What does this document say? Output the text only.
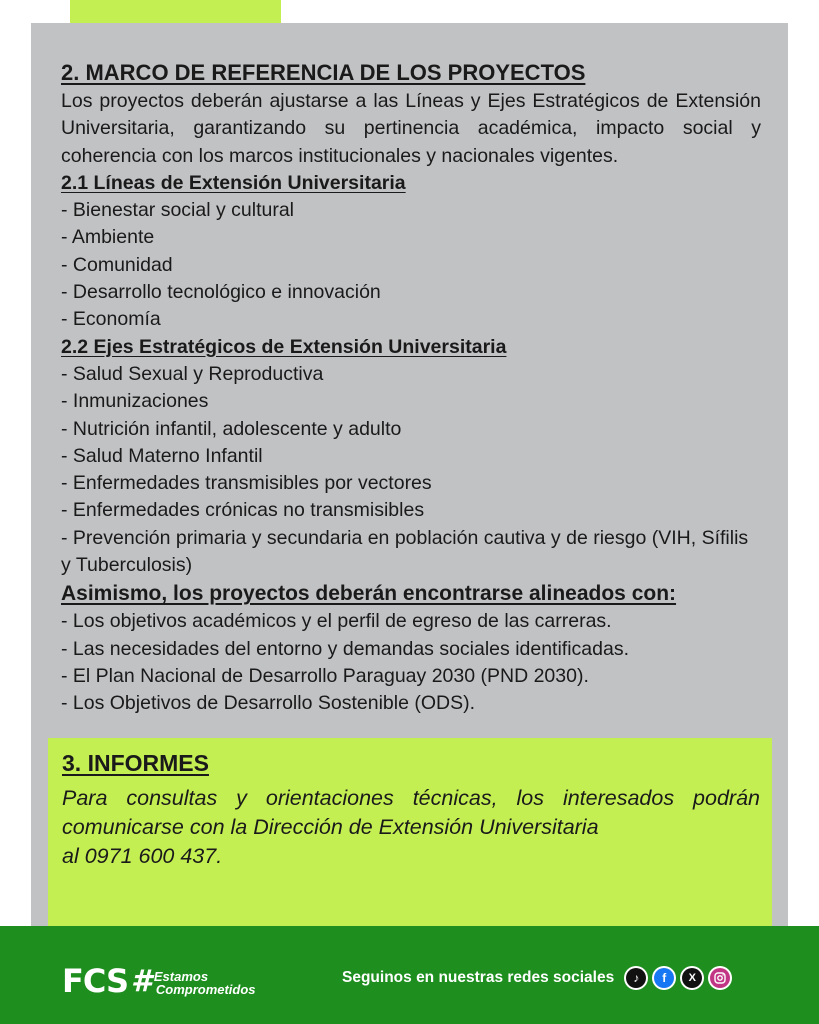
2. MARCO DE REFERENCIA DE LOS PROYECTOS
Los proyectos deberán ajustarse a las Líneas y Ejes Estratégicos de Extensión Universitaria, garantizando su pertinencia académica, impacto social y coherencia con los marcos institucionales y nacionales vigentes.
2.1 Líneas de Extensión Universitaria
- Bienestar social y cultural
- Ambiente
- Comunidad
- Desarrollo tecnológico e innovación
- Economía
2.2 Ejes Estratégicos de Extensión Universitaria
- Salud Sexual y Reproductiva
- Inmunizaciones
- Nutrición infantil, adolescente y adulto
- Salud Materno Infantil
- Enfermedades transmisibles por vectores
- Enfermedades crónicas no transmisibles
- Prevención primaria y secundaria en población cautiva y de riesgo (VIH, Sífilis y Tuberculosis)
Asimismo, los proyectos deberán encontrarse alineados con:
- Los objetivos académicos y el perfil de egreso de las carreras.
- Las necesidades del entorno y demandas sociales identificadas.
- El Plan Nacional de Desarrollo Paraguay 2030 (PND 2030).
- Los Objetivos de Desarrollo Sostenible (ODS).
3. INFORMES
Para consultas y orientaciones técnicas, los interesados podrán comunicarse con la Dirección de Extensión Universitaria
al 0971 600 437.
FCS # Estamos
Comprometidos
Seguinos en nuestras redes sociales	♪	f	X
